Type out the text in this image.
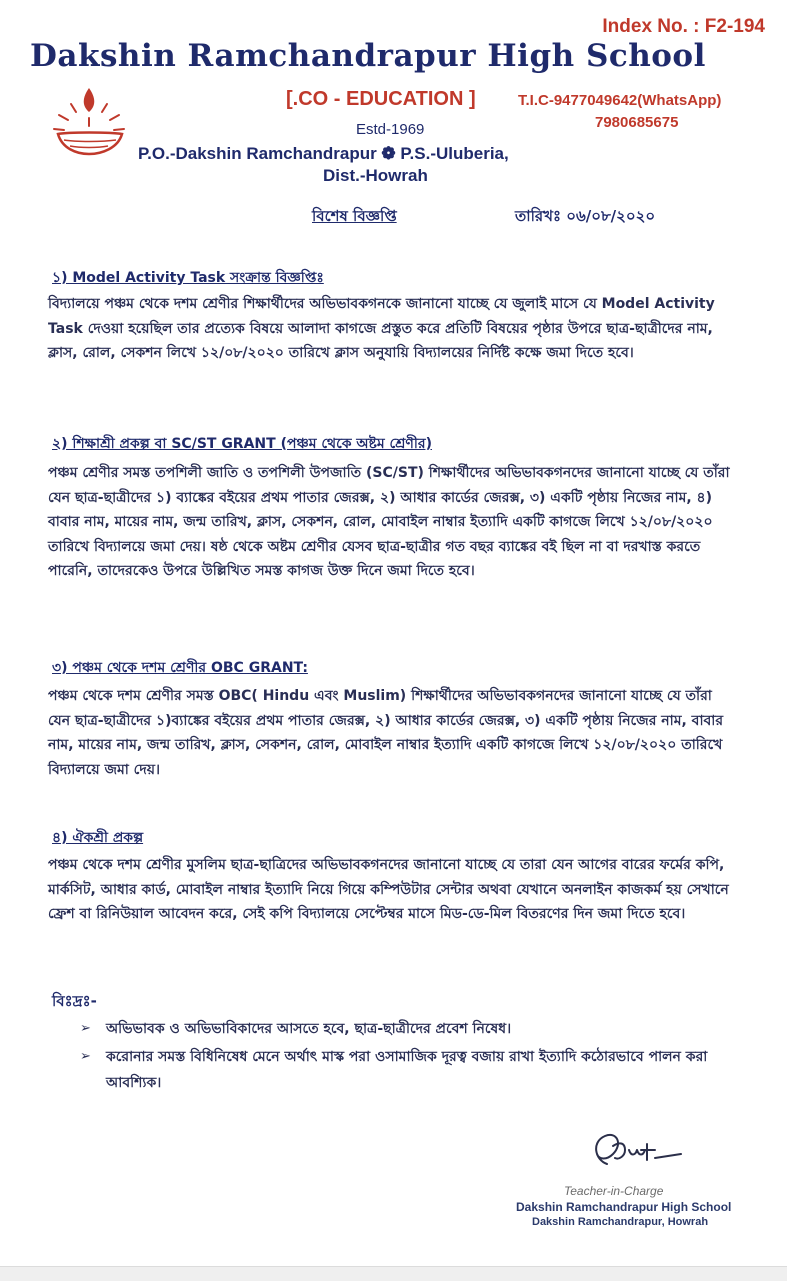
Index No. : F2-194
Dakshin Ramchandrapur High School
[.CO - EDUCATION ]	T.I.C-9477049642(WhatsApp)
7980685675
Estd-1969
P.O.-Dakshin Ramchandrapur ❁ P.S.-Uluberia,
Dist.-Howrah
বিশেষ বিজ্ঞপ্তি	তারিখঃ ০৬/০৮/২০২০
১) Model Activity Task সংক্রান্ত বিজ্ঞপ্তিঃ
বিদ্যালয়ে পঞ্চম থেকে দশম শ্রেণীর শিক্ষার্থীদের অভিভাবকগনকে জানানো যাচ্ছে যে জুলাই মাসে যে Model Activity Task দেওয়া হয়েছিল তার প্রত্যেক বিষয়ে আলাদা কাগজে প্রস্তুত করে প্রতিটি বিষয়ের পৃষ্ঠার উপরে ছাত্র-ছাত্রীদের নাম, ক্লাস, রোল, সেকশন লিখে ১২/০৮/২০২০ তারিখে ক্লাস অনুযায়ি বিদ্যালয়ের নির্দিষ্ট কক্ষে জমা দিতে হবে।
২) শিক্ষাশ্রী প্রকল্প বা SC/ST GRANT (পঞ্চম থেকে অষ্টম শ্রেণীর)
পঞ্চম শ্রেণীর সমস্ত তপশিলী জাতি ও তপশিলী উপজাতি (SC/ST) শিক্ষার্থীদের অভিভাবকগনদের জানানো যাচ্ছে যে তাঁরা যেন ছাত্র-ছাত্রীদের ১) ব্যাঙ্কের বইয়ের প্রথম পাতার জেরক্স, ২) আধার কার্ডের জেরক্স, ৩) একটি পৃষ্ঠায় নিজের নাম, ৪) বাবার নাম, মায়ের নাম, জন্ম তারিখ, ক্লাস, সেকশন, রোল, মোবাইল নাম্বার ইত্যাদি একটি কাগজে লিখে ১২/০৮/২০২০ তারিখে বিদ্যালয়ে জমা দেয়। ষষ্ঠ থেকে অষ্টম শ্রেণীর যেসব ছাত্র-ছাত্রীর গত বছর ব্যাঙ্কের বই ছিল না বা দরখাস্ত করতে পারেনি, তাদেরকেও উপরে উল্লিখিত সমস্ত কাগজ উক্ত দিনে জমা দিতে হবে।
৩) পঞ্চম থেকে দশম শ্রেণীর OBC GRANT:
পঞ্চম থেকে দশম শ্রেণীর সমস্ত OBC( Hindu এবং Muslim) শিক্ষার্থীদের অভিভাবকগনদের জানানো যাচ্ছে যে তাঁরা যেন ছাত্র-ছাত্রীদের ১)ব্যাঙ্কের বইয়ের প্রথম পাতার জেরক্স, ২) আধার কার্ডের জেরক্স, ৩) একটি পৃষ্ঠায় নিজের নাম, বাবার নাম, মায়ের নাম, জন্ম তারিখ, ক্লাস, সেকশন, রোল, মোবাইল নাম্বার ইত্যাদি একটি কাগজে লিখে ১২/০৮/২০২০ তারিখে বিদ্যালয়ে জমা দেয়।
৪) ঐকশ্রী প্রকল্প
পঞ্চম থেকে দশম শ্রেণীর মুসলিম ছাত্র-ছাত্রিদের অভিভাবকগনদের জানানো যাচ্ছে যে তারা যেন আগের বারের ফর্মের কপি, মার্কসিট, আধার কার্ড, মোবাইল নাম্বার ইত্যাদি নিয়ে গিয়ে কম্পিউটার সেন্টার অথবা যেখানে অনলাইন কাজকর্ম হয় সেখানে ফ্রেশ বা রিনিউয়াল আবেদন করে, সেই কপি বিদ্যালয়ে সেপ্টেম্বর মাসে মিড-ডে-মিল বিতরণের দিন জমা দিতে হবে।
বিঃদ্রঃ-
➢ অভিভাবক ও অভিভাবিকাদের আসতে হবে, ছাত্র-ছাত্রীদের প্রবেশ নিষেধ।
➢ করোনার সমস্ত বিধিনিষেধ মেনে অর্থাৎ মাস্ক পরা ওসামাজিক দূরত্ব বজায় রাখা ইত্যাদি কঠোরভাবে পালন করা আবশ্যিক।
Teacher-in-Charge
Dakshin Ramchandrapur High School
Dakshin Ramchandrapur, Howrah
